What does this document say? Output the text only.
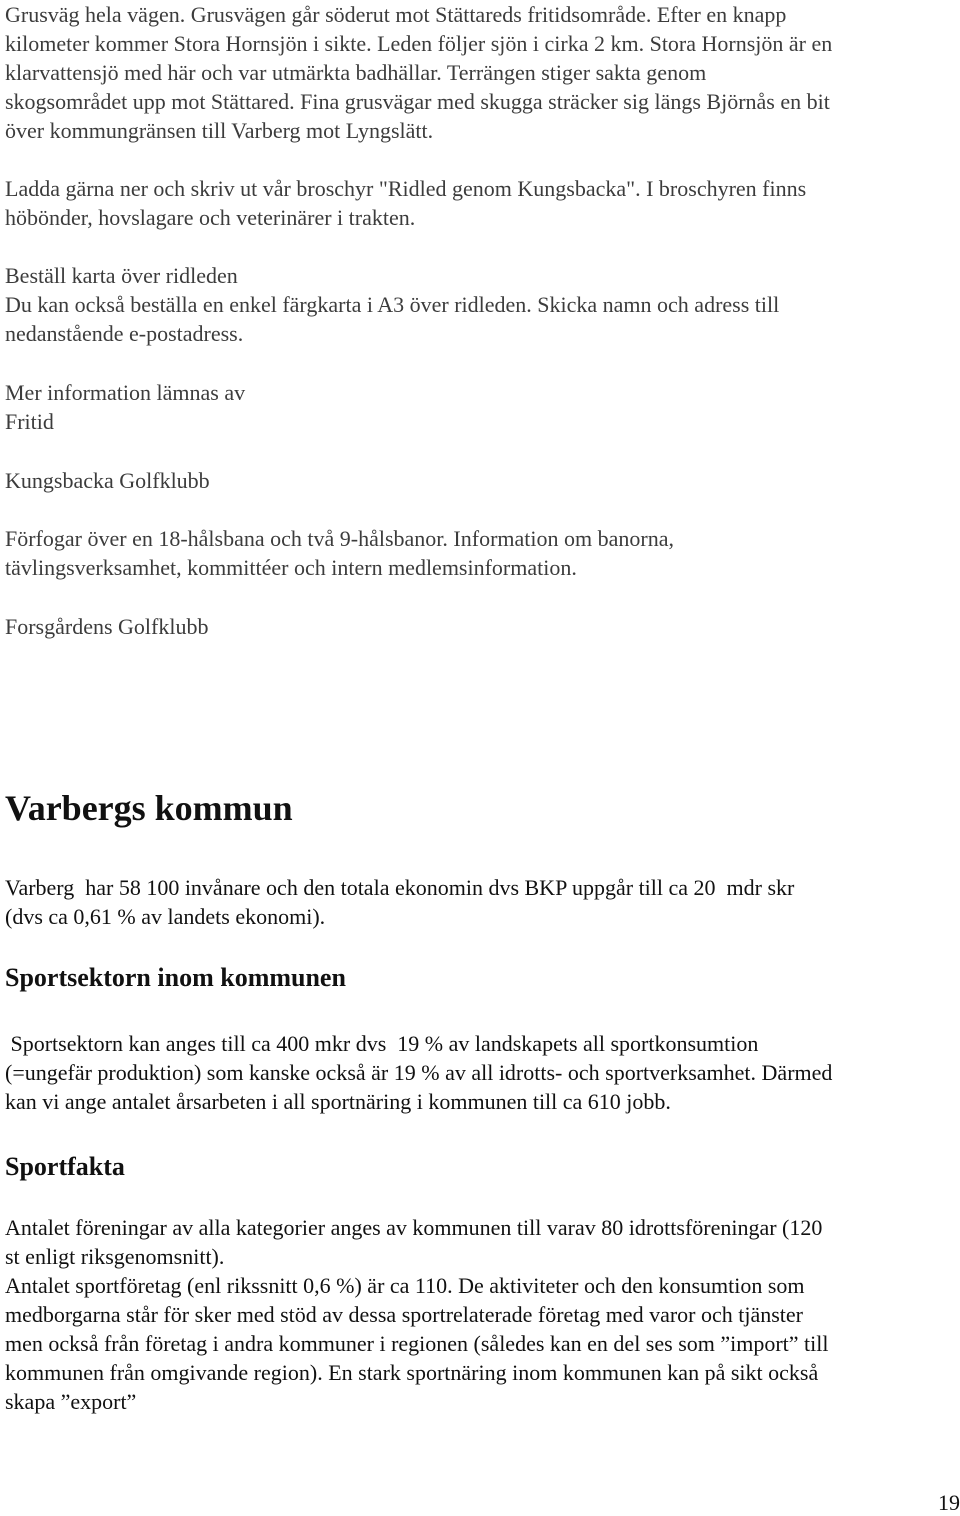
Grusväg hela vägen. Grusvägen går söderut mot Stättareds fritidsområde. Efter en knapp
kilometer kommer Stora Hornsjön i sikte. Leden följer sjön i cirka 2 km. Stora Hornsjön är en
klarvattensjö med här och var utmärkta badhällar. Terrängen stiger sakta genom
skogsområdet upp mot Stättared. Fina grusvägar med skugga sträcker sig längs Björnås en bit
över kommungränsen till Varberg mot Lyngslätt.
Ladda gärna ner och skriv ut vår broschyr "Ridled genom Kungsbacka". I broschyren finns
höbönder, hovslagare och veterinärer i trakten.
Beställ karta över ridleden
Du kan också beställa en enkel färgkarta i A3 över ridleden. Skicka namn och adress till
nedanstående e-postadress.
Mer information lämnas av
Fritid
Kungsbacka Golfklubb
Förfogar över en 18-hålsbana och två 9-hålsbanor. Information om banorna,
tävlingsverksamhet, kommittéer och intern medlemsinformation.
Forsgårdens Golfklubb
Varbergs kommun
Varberg  har 58 100 invånare och den totala ekonomin dvs BKP uppgår till ca 20  mdr skr
(dvs ca 0,61 % av landets ekonomi).
Sportsektorn inom kommunen
Sportsektorn kan anges till ca 400 mkr dvs  19 % av landskapets all sportkonsumtion
(=ungefär produktion) som kanske också är 19 % av all idrotts- och sportverksamhet. Därmed
kan vi ange antalet årsarbeten i all sportnäring i kommunen till ca 610 jobb.
Sportfakta
Antalet föreningar av alla kategorier anges av kommunen till varav 80 idrottsföreningar (120
st enligt riksgenomsnitt).
Antalet sportföretag (enl rikssnitt 0,6 %) är ca 110. De aktiviteter och den konsumtion som
medborgarna står för sker med stöd av dessa sportrelaterade företag med varor och tjänster
men också från företag i andra kommuner i regionen (således kan en del ses som ”import” till
kommunen från omgivande region). En stark sportnäring inom kommunen kan på sikt också
skapa ”export”
19
